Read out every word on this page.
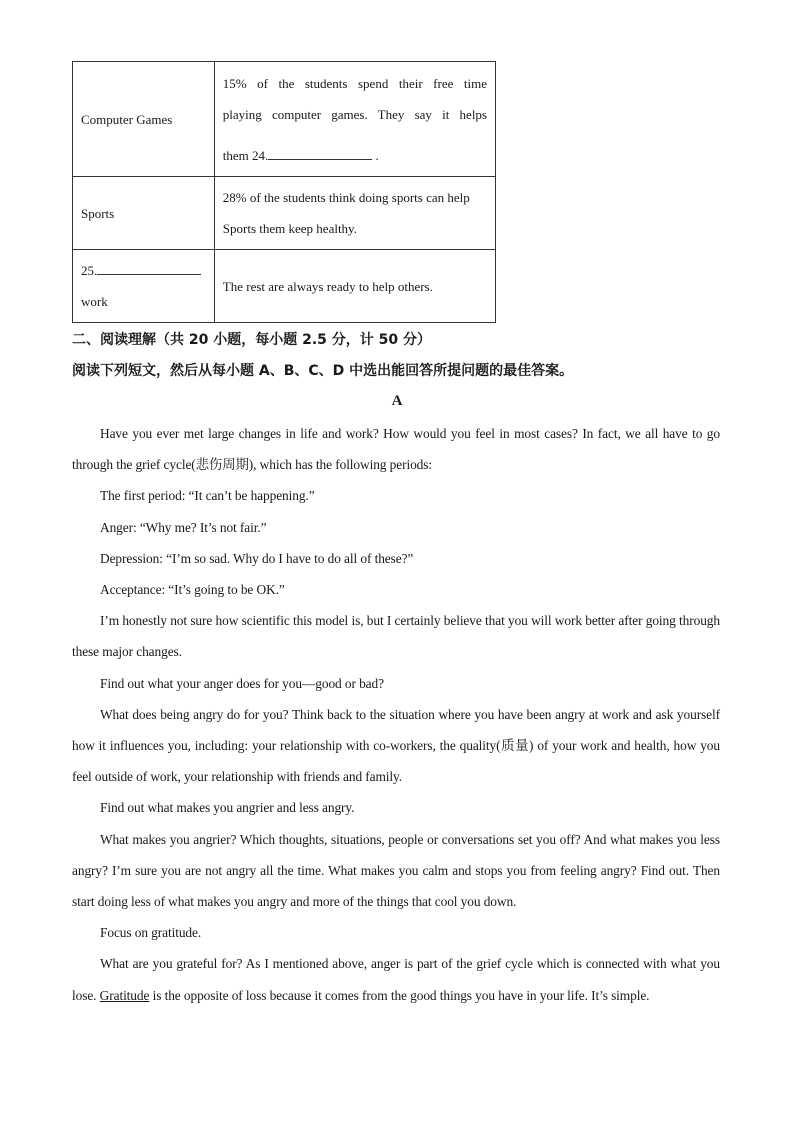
Computer Games	15% of the students spend their free time
playing computer games. They say it helps
them 24. .

Sports	28% of the students think doing sports can help
Sports them keep healthy.

25.
work	The rest are always ready to help others.
二、阅读理解（共 20 小题，每小题 2.5 分，计 50 分）
阅读下列短文，然后从每小题 A、B、C、D 中选出能回答所提问题的最佳答案。
A

Have you ever met large changes in life and work? How would you feel in most cases? In fact, we all have to go through the grief cycle(悲伤周期), which has the following periods:

The first period: “It can’t be happening.”

Anger: “Why me? It’s not fair.”

Depression: “I’m so sad. Why do I have to do all of these?”

Acceptance: “It’s going to be OK.”

I’m honestly not sure how scientific this model is, but I certainly believe that you will work better after going through these major changes.

Find out what your anger does for you—good or bad?

What does being angry do for you? Think back to the situation where you have been angry at work and ask yourself how it influences you, including: your relationship with co-workers, the quality(质量) of your work and health, how you feel outside of work, your relationship with friends and family.

Find out what makes you angrier and less angry.

What makes you angrier? Which thoughts, situations, people or conversations set you off? And what makes you less angry? I’m sure you are not angry all the time. What makes you calm and stops you from feeling angry? Find out. Then start doing less of what makes you angry and more of the things that cool you down.

Focus on gratitude.

What are you grateful for? As I mentioned above, anger is part of the grief cycle which is connected with what you lose. Gratitude is the opposite of loss because it comes from the good things you have in your life. It’s simple.
